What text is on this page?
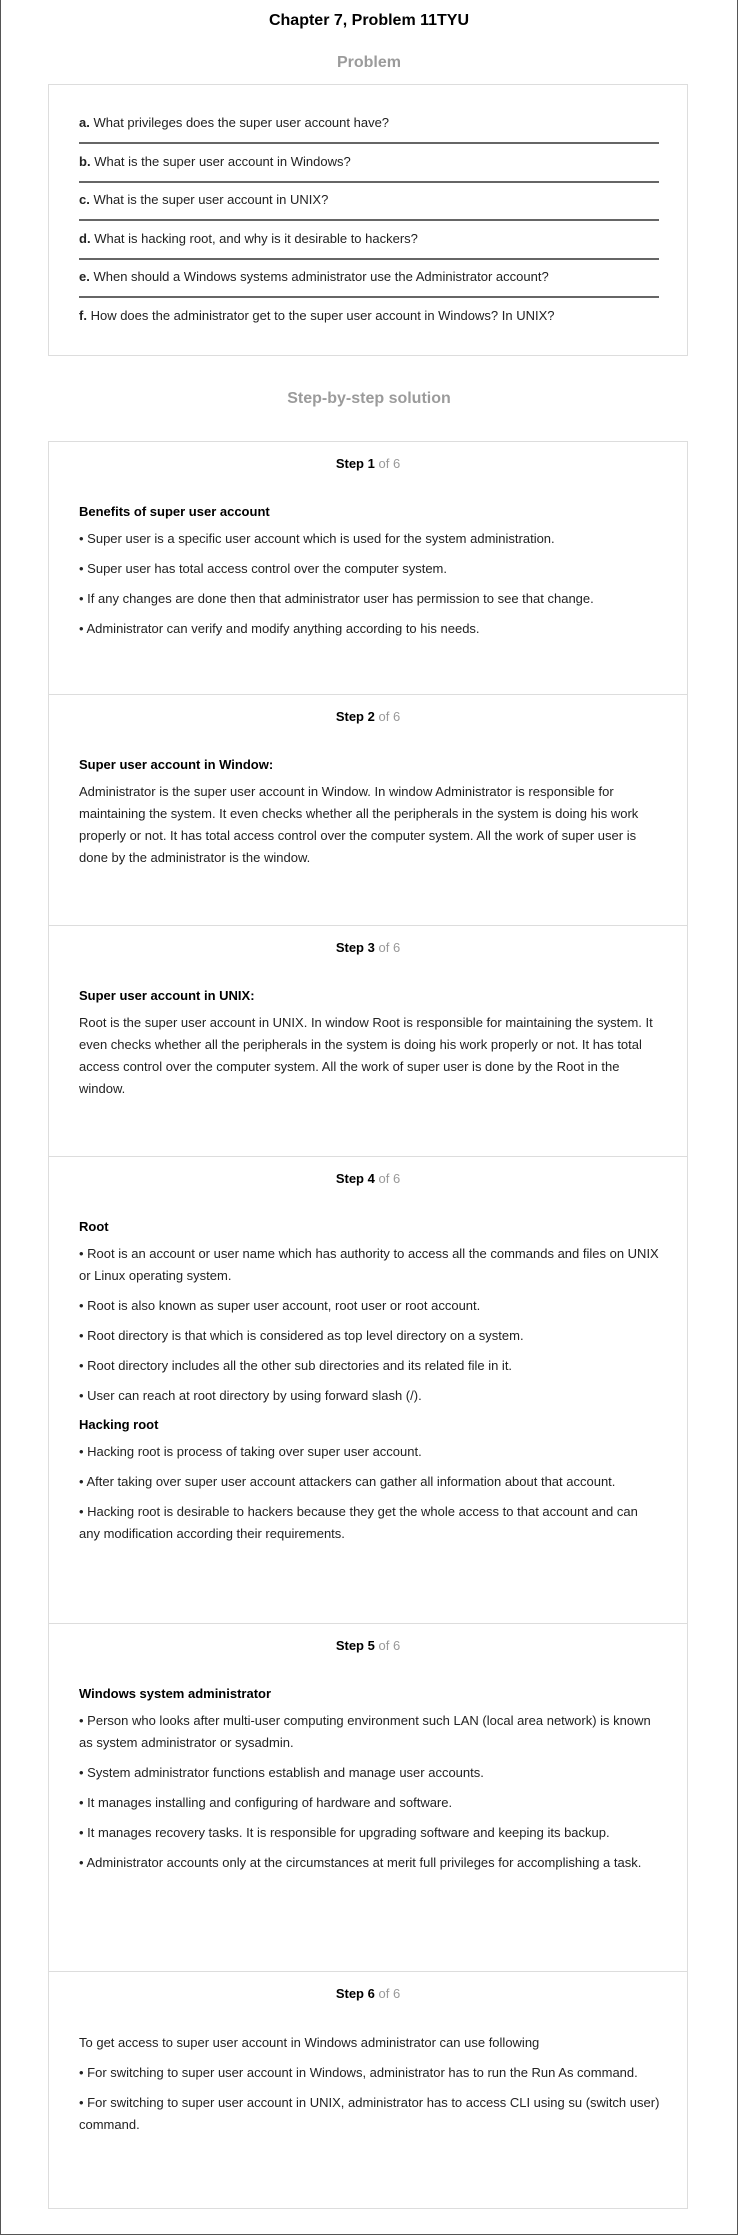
Chapter 7, Problem 11TYU
Problem
a. What privileges does the super user account have?
b. What is the super user account in Windows?
c. What is the super user account in UNIX?
d. What is hacking root, and why is it desirable to hackers?
e. When should a Windows systems administrator use the Administrator account?
f. How does the administrator get to the super user account in Windows? In UNIX?
Step-by-step solution
Step 1 of 6
Benefits of super user account

• Super user is a specific user account which is used for the system administration.

• Super user has total access control over the computer system.

• If any changes are done then that administrator user has permission to see that change.

• Administrator can verify and modify anything according to his needs.

Step 2 of 6
Super user account in Window:

Administrator is the super user account in Window. In window Administrator is responsible for maintaining the system. It even checks whether all the peripherals in the system is doing his work properly or not. It has total access control over the computer system. All the work of super user is done by the administrator is the window.

Step 3 of 6
Super user account in UNIX:

Root is the super user account in UNIX. In window Root is responsible for maintaining the system. It even checks whether all the peripherals in the system is doing his work properly or not. It has total access control over the computer system. All the work of super user is done by the Root in the window.

Step 4 of 6
Root

• Root is an account or user name which has authority to access all the commands and files on UNIX or Linux operating system.

• Root is also known as super user account, root user or root account.

• Root directory is that which is considered as top level directory on a system.

• Root directory includes all the other sub directories and its related file in it.

• User can reach at root directory by using forward slash (/).

Hacking root

• Hacking root is process of taking over super user account.

• After taking over super user account attackers can gather all information about that account.

• Hacking root is desirable to hackers because they get the whole access to that account and can any modification according their requirements.

Step 5 of 6
Windows system administrator

• Person who looks after multi-user computing environment such LAN (local area network) is known as system administrator or sysadmin.

• System administrator functions establish and manage user accounts.

• It manages installing and configuring of hardware and software.

• It manages recovery tasks. It is responsible for upgrading software and keeping its backup.

• Administrator accounts only at the circumstances at merit full privileges for accomplishing a task.

Step 6 of 6

To get access to super user account in Windows administrator can use following

• For switching to super user account in Windows, administrator has to run the Run As command.

• For switching to super user account in UNIX, administrator has to access CLI using su (switch user) command.
